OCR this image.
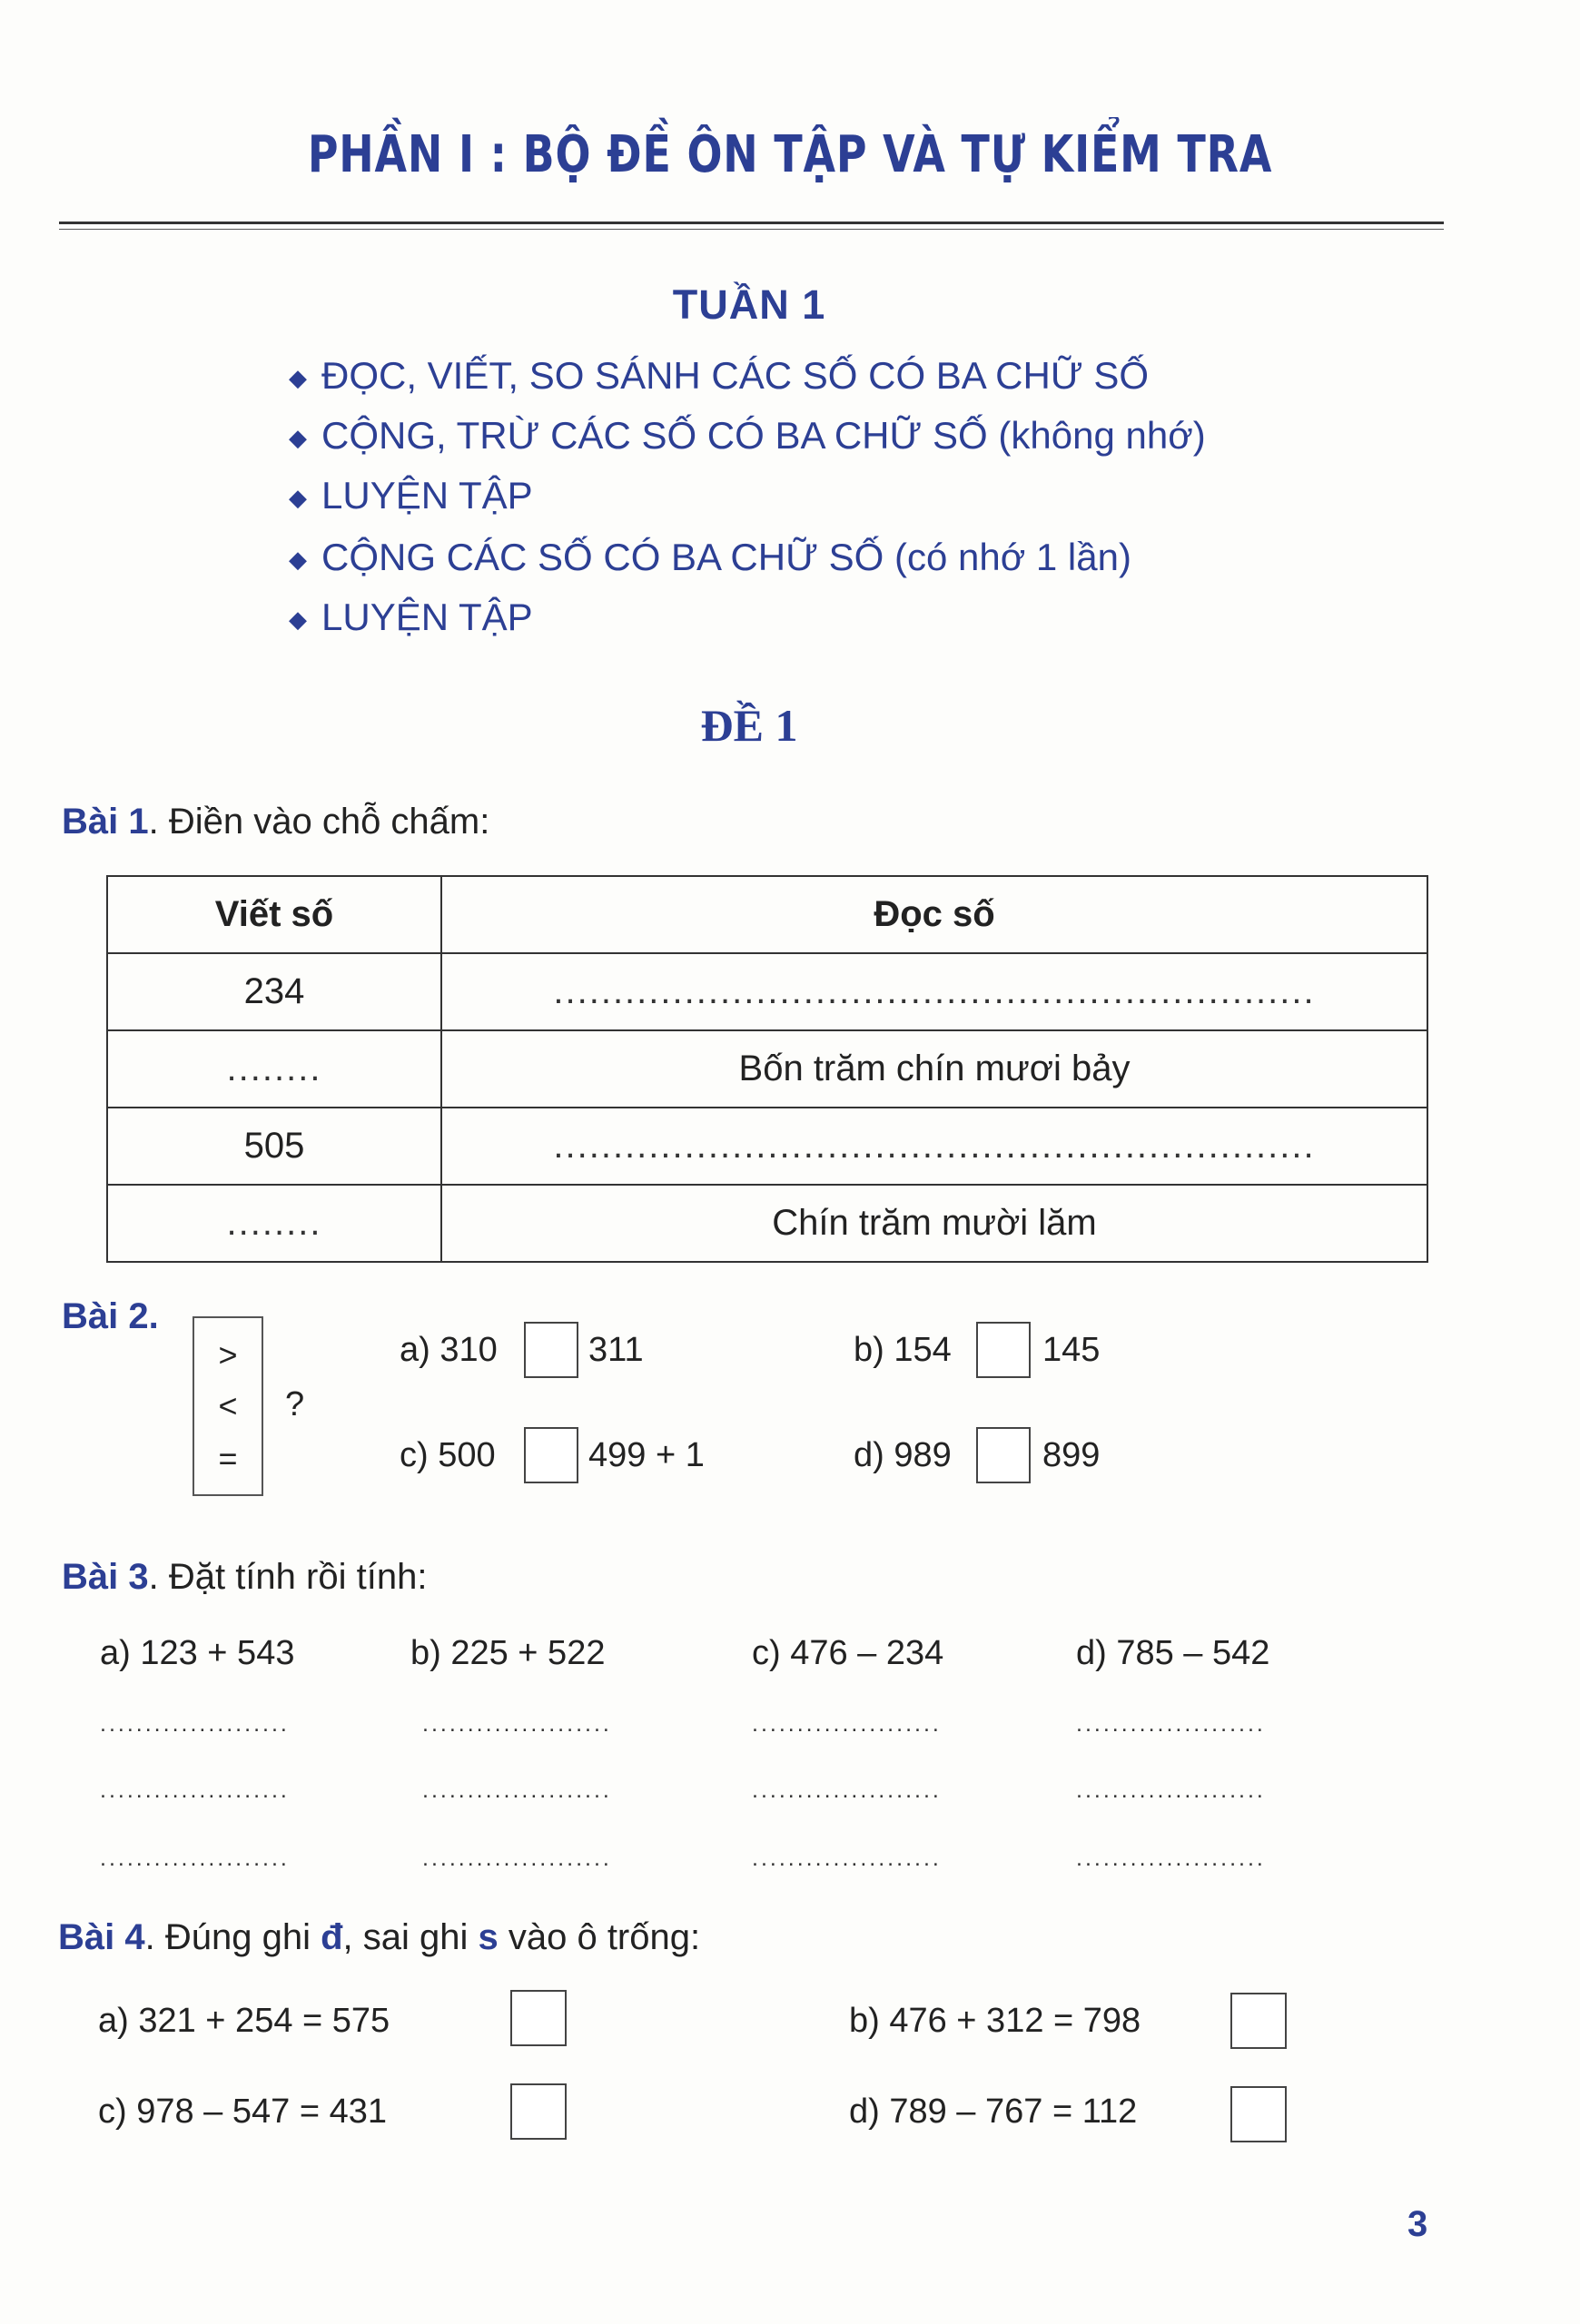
PHẦN I : BỘ ĐỀ ÔN TẬP VÀ TỰ KIỂM TRA
TUẦN 1
◆ ĐỌC, VIẾT, SO SÁNH CÁC SỐ CÓ BA CHỮ SỐ
◆ CỘNG, TRỪ CÁC SỐ CÓ BA CHỮ SỐ (không nhớ)
◆ LUYỆN TẬP
◆ CỘNG CÁC SỐ CÓ BA CHỮ SỐ (có nhớ 1 lần)
◆ LUYỆN TẬP
ĐỀ 1
Bài 1. Điền vào chỗ chấm:
Viết số	Đọc số
234	................................................................
........	Bốn trăm chín mươi bảy
505	................................................................
........	Chín trăm mười lăm
Bài 2.
>
<
=
?
a) 310	311	b) 154	145
c) 500	499 + 1	d) 989	899
Bài 3. Đặt tính rồi tính:
a) 123 + 543	b) 225 + 522	c) 476 – 234	d) 785 – 542
.....................	.....................	.....................	.....................
.....................	.....................	.....................	.....................
.....................	.....................	.....................	.....................
Bài 4. Đúng ghi đ, sai ghi s vào ô trống:
a) 321 + 254 = 575	b) 476 + 312 = 798
c) 978 – 547 = 431	d) 789 – 767 = 112
3
